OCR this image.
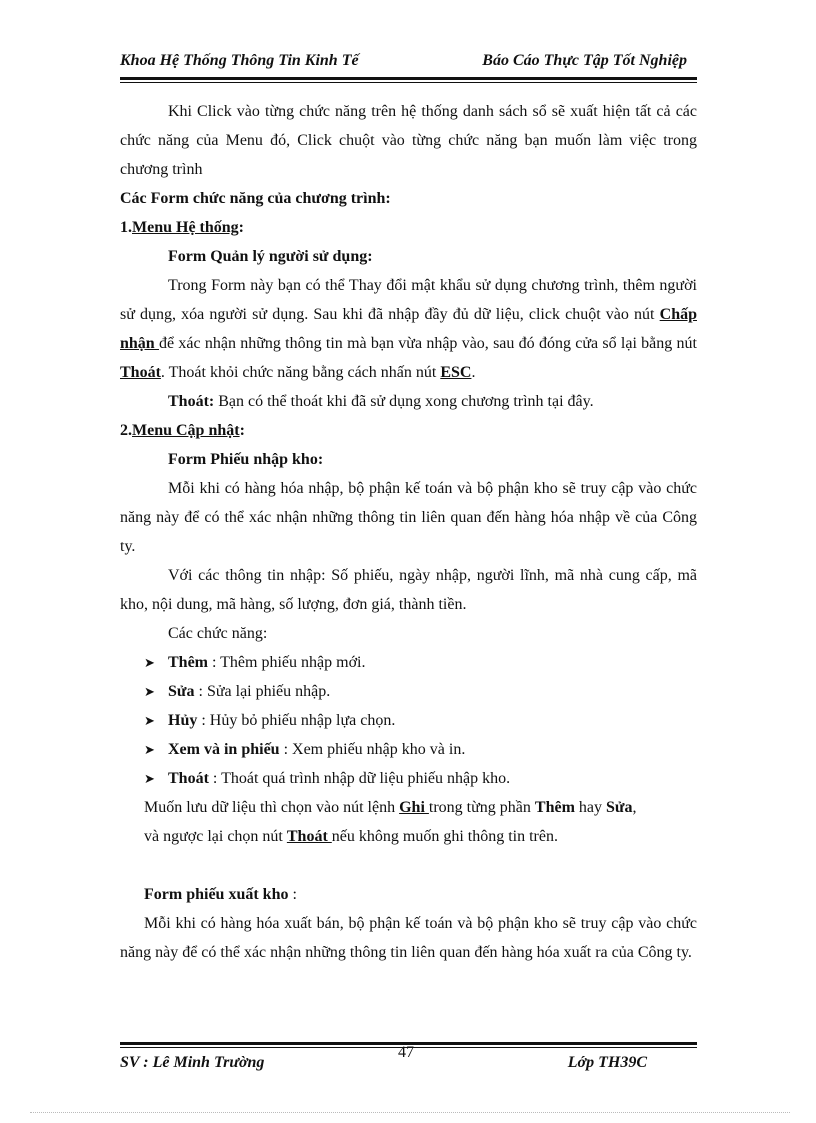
Khoa Hệ Thống Thông Tin Kinh Tế	Báo Cáo Thực Tập Tốt Nghiệp

Khi Click vào từng chức năng trên hệ thống danh sách sổ sẽ xuất hiện tất cả các chức năng của Menu đó, Click chuột vào từng chức năng bạn muốn làm việc trong chương trình

Các Form chức năng của chương trình:

1.Menu Hệ thống:

Form Quản lý người sử dụng:

Trong Form này bạn có thể Thay đổi mật khẩu sử dụng chương trình, thêm người sử dụng, xóa người sử dụng. Sau khi đã nhập đầy đủ dữ liệu, click chuột vào nút Chấp nhận để xác nhận những thông tin mà bạn vừa nhập vào, sau đó đóng cửa sổ lại bằng nút Thoát. Thoát khỏi chức năng bằng cách nhấn nút ESC.

Thoát: Bạn có thể thoát khi đã sử dụng xong chương trình tại đây.

2.Menu Cập nhật:

Form Phiếu nhập kho:

Mỗi khi có hàng hóa nhập, bộ phận kế toán và bộ phận kho sẽ truy cập vào chức năng này để có thể xác nhận những thông tin liên quan đến hàng hóa nhập về của Công ty.

Với các thông tin nhập: Số phiếu, ngày nhập, người lĩnh, mã nhà cung cấp, mã kho, nội dung, mã hàng, số lượng, đơn giá, thành tiền.

Các chức năng:

➤ Thêm : Thêm phiếu nhập mới.
➤ Sửa : Sửa lại phiếu nhập.
➤ Hủy : Hủy bỏ phiếu nhập lựa chọn.
➤ Xem và in phiếu : Xem phiếu nhập kho và in.
➤ Thoát : Thoát quá trình nhập dữ liệu phiếu nhập kho.

Muốn lưu dữ liệu thì chọn vào nút lệnh Ghi trong từng phần Thêm hay Sửa,

và ngược lại chọn nút Thoát nếu không muốn ghi thông tin trên.

Form phiếu xuất kho :

Mỗi khi có hàng hóa xuất bán, bộ phận kế toán và bộ phận kho sẽ truy cập vào chức năng này để có thể xác nhận những thông tin liên quan đến hàng hóa xuất ra của Công ty.

SV : Lê Minh Trường
47
Lớp TH39C
